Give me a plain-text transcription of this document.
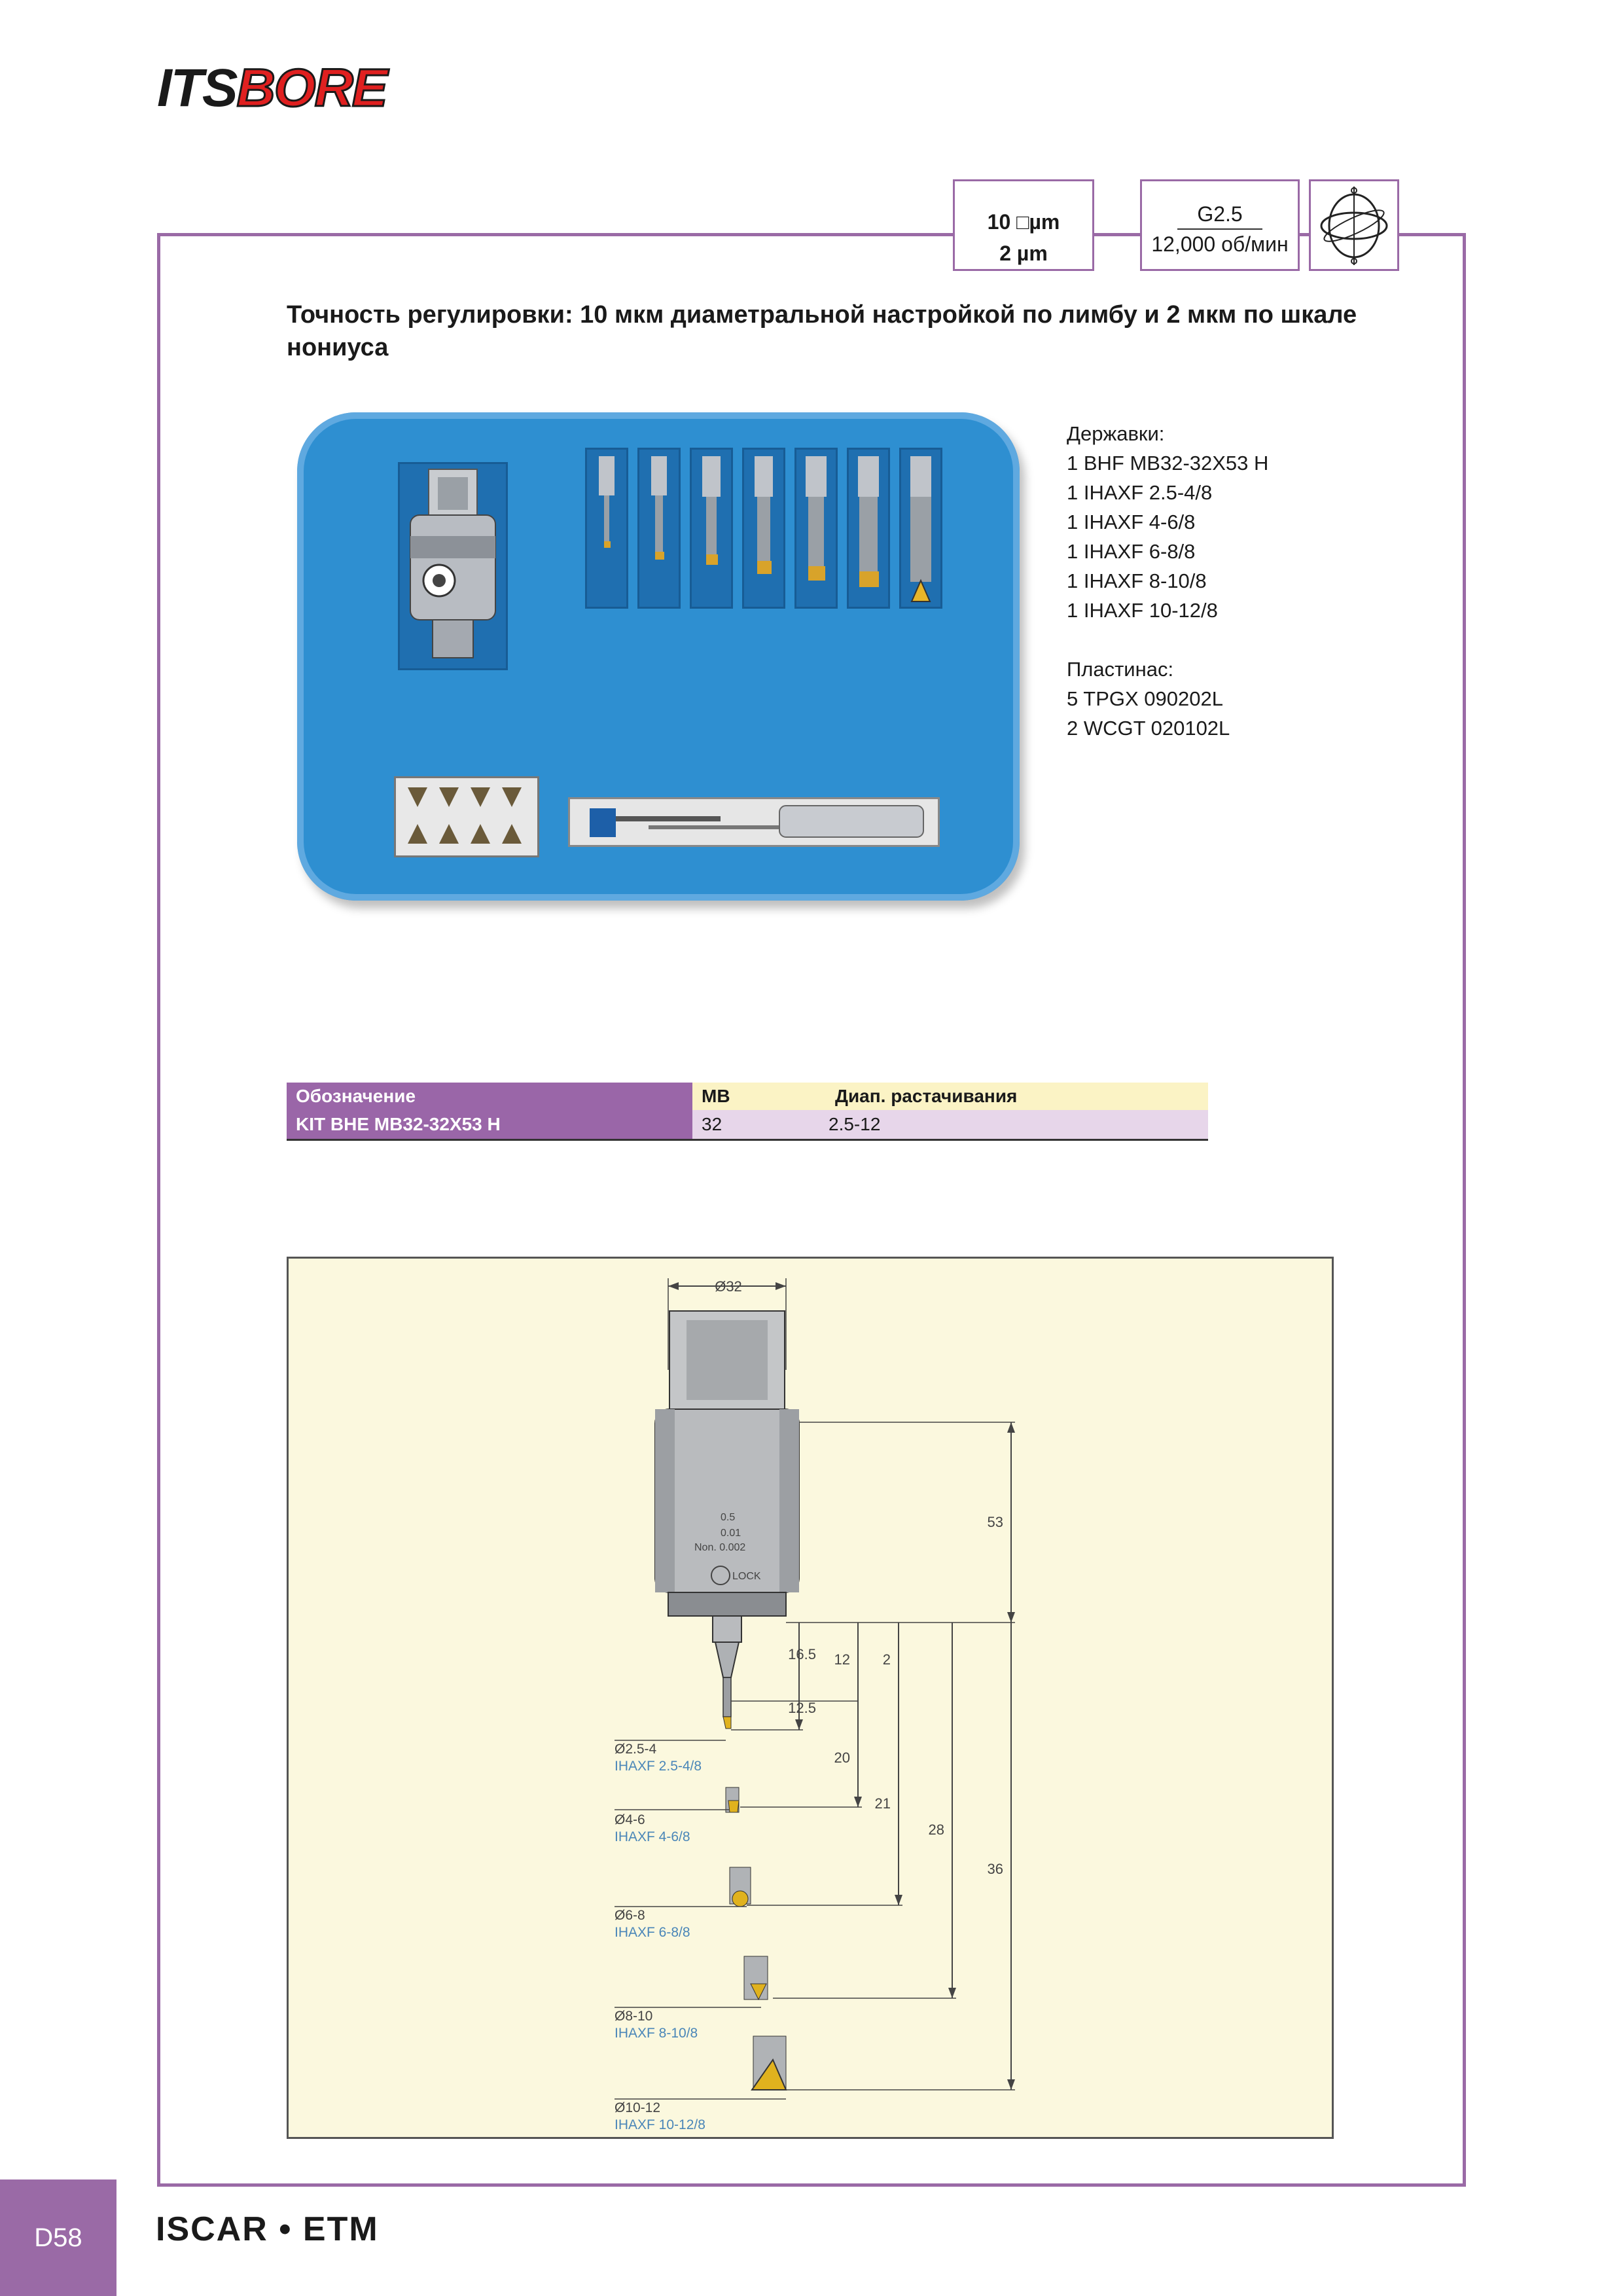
ITSBORE
10 □µm
2 µm
G2.5
12,000 об/мин
Точность регулировки: 10 мкм диаметральной настройкой по лимбу и 2 мкм по шкале нониуса
Державки:
1 BHF MB32-32X53 H
1 IHAXF 2.5-4/8
1 IHAXF 4-6/8
1 IHAXF 6-8/8
1 IHAXF 8-10/8
1 IHAXF 10-12/8
Пластинас:
5 TPGX 090202L
2 WCGT 020102L
Обозначение	MB	Диап. растачивания
KIT BHE MB32-32X53 H	32	2.5-12
Ø32
0.5
0.01
Non. 0.002
LOCK
53
36
28
21
20
12 2
16.5
12.5
Ø2.5-4
IHAXF 2.5-4/8
Ø4-6
IHAXF 4-6/8
Ø6-8
IHAXF 6-8/8
Ø8-10
IHAXF 8-10/8
Ø10-12
IHAXF 10-12/8
D58	ISCAR • ETM
